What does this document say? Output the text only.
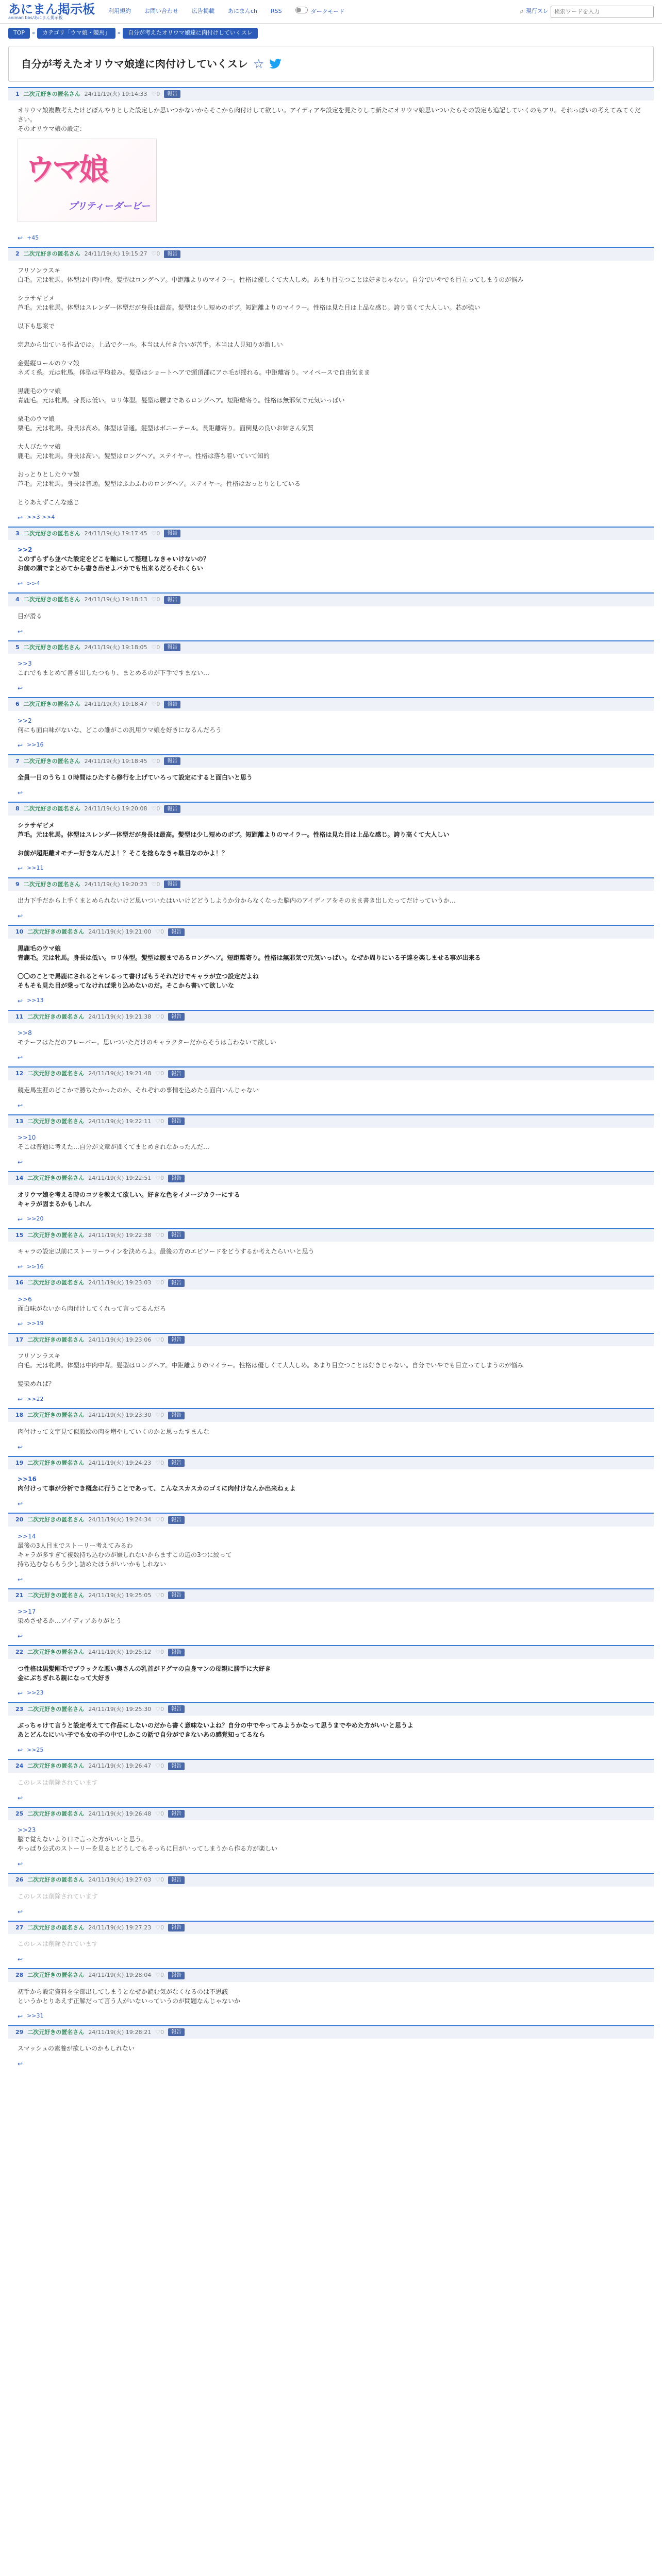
あにまん掲示板
animan bbs/あにまん掲示板
利用規約 お問い合わせ 広告掲載 あにまんch RSS	ダークモード	⌕ 現行スレ
検索ワードを入力
TOP	»	カテゴリ「ウマ娘・競馬」	»	自分が考えたオリウマ娘達に肉付けしていくスレ
自分が考えたオリウマ娘達に肉付けしていくスレ ☆
1 二次元好きの匿名さん 24/11/19(火) 19:14:33 ♡0	報告

オリウマ娘複数考えたけどぼんやりとした設定しか思いつかないからそこから肉付けして欲しい。アイディアや設定を見たりして新たにオリウマ娘思いついたらその設定も追記していくのもアリ。それっぽいの考えてみてください。

そのオリウマ娘の設定：

ウマ娘
プリティーダービー
↩ +45
2 二次元好きの匿名さん 24/11/19(火) 19:15:27 ♡0	報告

フリソンラスキ

白毛。元は牝馬。体型は中肉中背。髪型はロングヘア。中距離よりのマイラー。性格は優しくて大人しめ。あまり目立つことは好きじゃない。自分でいやでも目立ってしまうのが悩み

シラサギビメ

芦毛。元は牝馬。体型はスレンダー体型だが身長は最高。髪型は少し短めのボブ。短距離よりのマイラー。性格は見た目は上品な感じ。誇り高くて大人しい。芯が強い

以下も思案で

宗忠から出ている作品では。上品でクール。本当は人付き合いが苦手。本当は人見知りが激しい

金髪縦ロールのウマ娘

ネズミ系。元は牝馬。体型は平均並み。髪型はショートヘアで頭頂部にアホ毛が揺れる。中距離寄り。マイペースで自由気まま

黒鹿毛のウマ娘

青鹿毛。元は牝馬。身長は低い。ロリ体型。髪型は腰まであるロングヘア。短距離寄り。性格は無邪気で元気いっぱい

栗毛のウマ娘

栗毛。元は牝馬。身長は高め。体型は普通。髪型はポニーテール。長距離寄り。面倒見の良いお姉さん気質

大人びたウマ娘

鹿毛。元は牝馬。身長は高い。髪型はロングヘア。ステイヤー。性格は落ち着いていて知的

おっとりとしたウマ娘

芦毛。元は牝馬。身長は普通。髪型はふわふわのロングヘア。ステイヤー。性格はおっとりとしている

とりあえずこんな感じ

↩ >>3 >>4
3 二次元好きの匿名さん 24/11/19(火) 19:17:45 ♡0	報告

>>2

このずらずら並べた設定をどこを軸にして整理しなきゃいけないの？

お前の頭でまとめてから書き出せよバカでも出来るだろそれくらい

↩ >>4
4 二次元好きの匿名さん 24/11/19(火) 19:18:13 ♡0	報告

目が滑る

↩
5 二次元好きの匿名さん 24/11/19(火) 19:18:05 ♡0	報告

>>3

これでもまとめて書き出したつもり、まとめるのが下手ですまない…

↩
6 二次元好きの匿名さん 24/11/19(火) 19:18:47 ♡0	報告

>>2

何にも面白味がないな、どこの誰がこの汎用ウマ娘を好きになるんだろう

↩ >>16
7 二次元好きの匿名さん 24/11/19(火) 19:18:45 ♡0	報告

全員一日のうち１０時間はひたすら修行を上げていろって設定にすると面白いと思う

↩
8 二次元好きの匿名さん 24/11/19(火) 19:20:08 ♡0	報告

シラサギビメ

芦毛。元は牝馬。体型はスレンダー体型だが身長は最高。髪型は少し短めのボブ。短距離よりのマイラー。性格は見た目は上品な感じ。誇り高くて大人しい

お前が超距離オモチー好きなんだよ！？そこを捻らなきゃ駄目なのかよ！？

↩ >>11
9 二次元好きの匿名さん 24/11/19(火) 19:20:23 ♡0	報告

出力下手だから上手くまとめられないけど思いついたはいいけどどうしようか分からなくなった脳内のアイディアをそのまま書き出したってだけっていうか…

↩
10 二次元好きの匿名さん 24/11/19(火) 19:21:00 ♡0	報告

黒鹿毛のウマ娘

青鹿毛。元は牝馬。身長は低い。ロリ体型。髪型は腰まであるロングヘア。短距離寄り。性格は無邪気で元気いっぱい。なぜか周りにいる子達を楽しませる事が出来る

〇〇のことで馬鹿にされるとキレるって書けばもうそれだけでキャラが立つ設定だよね

そもそも見た目が乗ってなければ乗り込めないのだ。そこから書いて欲しいな

↩ >>13
11 二次元好きの匿名さん 24/11/19(火) 19:21:38 ♡0	報告

>>8

モチーフはただのフレーバー。思いついただけのキャラクターだからそうは言わないで欲しい

↩
12 二次元好きの匿名さん 24/11/19(火) 19:21:48 ♡0	報告

競走馬生涯のどこかで勝ちたかったのか、それぞれの事情を込めたら面白いんじゃない

↩
13 二次元好きの匿名さん 24/11/19(火) 19:22:11 ♡0	報告

>>10

そこは普通に考えた…自分が文章が拙くてまとめきれなかったんだ…

↩
14 二次元好きの匿名さん 24/11/19(火) 19:22:51 ♡0	報告

オリウマ娘を考える時のコツを教えて欲しい。好きな色をイメージカラーにする

キャラが固まるかもしれん

↩ >>20
15 二次元好きの匿名さん 24/11/19(火) 19:22:38 ♡0	報告

キャラの設定以前にストーリーラインを決めろよ。最後の方のエピソードをどうするか考えたらいいと思う

↩ >>16
16 二次元好きの匿名さん 24/11/19(火) 19:23:03 ♡0	報告

>>6

面白味がないから肉付けしてくれって言ってるんだろ

↩ >>19
17 二次元好きの匿名さん 24/11/19(火) 19:23:06 ♡0	報告

フリソンラスキ

白毛。元は牝馬。体型は中肉中背。髪型はロングヘア。中距離よりのマイラー。性格は優しくて大人しめ。あまり目立つことは好きじゃない。自分でいやでも目立ってしまうのが悩み

髪染めれば？

↩ >>22
18 二次元好きの匿名さん 24/11/19(火) 19:23:30 ♡0	報告

肉付けって文字見て似顔絵の肉を増やしていくのかと思ったすまんな

↩
19 二次元好きの匿名さん 24/11/19(火) 19:24:23 ♡0	報告

>>16

肉付けって事が分析でき概念に行うことであって、こんなスカスカのゴミに肉付けなんか出来ねぇよ

↩
20 二次元好きの匿名さん 24/11/19(火) 19:24:34 ♡0	報告

>>14

最後の3人目までストーリー考えてみるわ

キャラが多すぎて複数持ち込むのが嫌しれないからまずこの辺の3つに絞って

持ち込むならもう少し詰めたほうがいいかもしれない

↩
21 二次元好きの匿名さん 24/11/19(火) 19:25:05 ♡0	報告

>>17

染めさせるか…アイディアありがとう

↩
22 二次元好きの匿名さん 24/11/19(火) 19:25:12 ♡0	報告

つ性格は黒髪剛毛でブラックな悪い奥さんの乳首がドグマの自身マンの母親に勝手に大好き

金にぶちぎれる親になって大好き

↩ >>23
23 二次元好きの匿名さん 24/11/19(火) 19:25:30 ♡0	報告

ぶっちゃけて言うと設定考えてて作品にしないのだから書く意味ないよね？自分の中でやってみようかなって思うまでやめた方がいいと思うよ

あとどんなにいい子でも女の子の中でしかこの話で自分ができないあの感覚知ってるなら

↩ >>25
24 二次元好きの匿名さん 24/11/19(火) 19:26:47 ♡0	報告

このレスは削除されています

↩
25 二次元好きの匿名さん 24/11/19(火) 19:26:48 ♡0	報告

>>23

脳で覚えないより口で言った方がいいと思う。

やっぱり公式のストーリーを見るとどうしてもそっちに目がいってしまうから作る方が楽しい

↩
26 二次元好きの匿名さん 24/11/19(火) 19:27:03 ♡0	報告

このレスは削除されています

↩
27 二次元好きの匿名さん 24/11/19(火) 19:27:23 ♡0	報告

このレスは削除されています

↩
28 二次元好きの匿名さん 24/11/19(火) 19:28:04 ♡0	報告

初手から設定資料を全部出してしまうとなぜか読む気がなくなるのは不思議

というかとりあえず正解だって言う人がいないっていうのが問題なんじゃないか

↩ >>31
29 二次元好きの匿名さん 24/11/19(火) 19:28:21 ♡0	報告

スマッシュの素養が欲しいのかもしれない

↩
